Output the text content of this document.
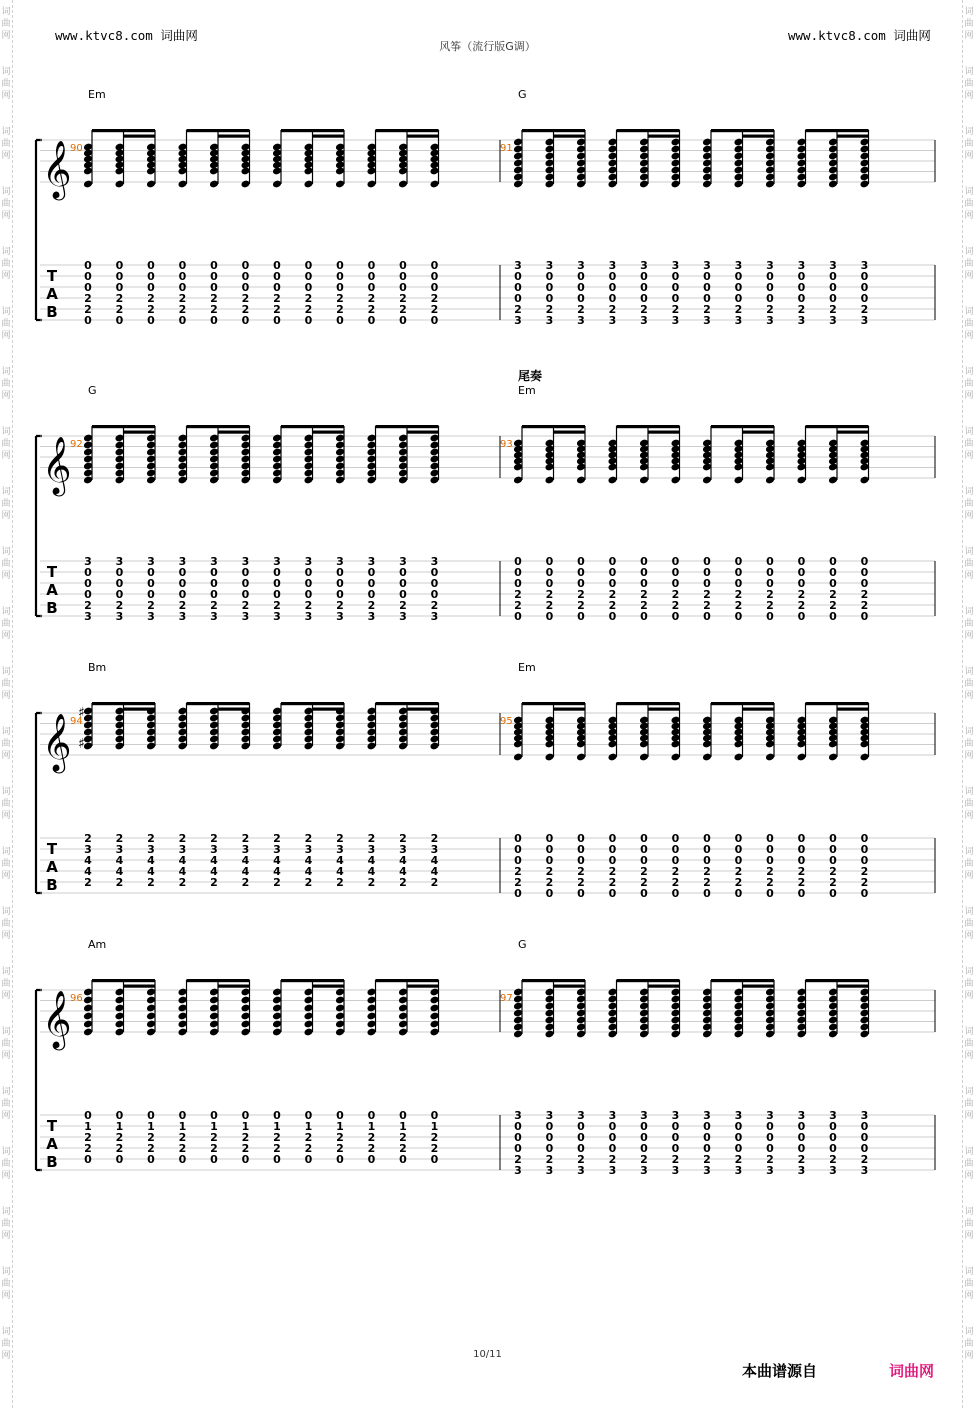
词
曲
网
词
曲
网
词
曲
网
词
曲
网
词
曲
网
词
曲
网
词
曲
网
词
曲
网
词
曲
网
词
曲
网
词
曲
网
词
曲
网
词
曲
网
词
曲
网
词
曲
网
词
曲
网
词
曲
网
词
曲
网
词
曲
网
词
曲
网
词
曲
网
词
曲
网
词
曲
网
词
曲
网
词
曲
网
词
曲
网
词
曲
网
词
曲
网
词
曲
网
词
曲
网
词
曲
网
词
曲
网
词
曲
网
词
曲
网
词
曲
网
词
曲
网
词
曲
网
词
曲
网
词
曲
网
词
曲
网
词
曲
网
词
曲
网
词
曲
网
词
曲
网
词
曲
网
词
曲
网
www.ktvc8.com 词曲网	www.ktvc8.com 词曲网
风筝（流行版G调）
𝄞
T
A
B
Em
90
0
0
0
2
2
0
0
0
0
2
2
0
0
0
0
2
2
0
0
0
0
2
2
0
0
0
0
2
2
0
0
0
0
2
2
0
0
0
0
2
2
0
0
0
0
2
2
0
0
0
0
2
2
0
0
0
0
2
2
0
0
0
0
2
2
0
0
0
0
2
2
0
G
91
3
0
0
0
2
3
3
0
0
0
2
3
3
0
0
0
2
3
3
0
0
0
2
3
3
0
0
0
2
3
3
0
0
0
2
3
3
0
0
0
2
3
3
0
0
0
2
3
3
0
0
0
2
3
3
0
0
0
2
3
3
0
0
0
2
3
3
0
0
0
2
3
𝄞
T
A
B
G
92
3
0
0
0
2
3
3
0
0
0
2
3
3
0
0
0
2
3
3
0
0
0
2
3
3
0
0
0
2
3
3
0
0
0
2
3
3
0
0
0
2
3
3
0
0
0
2
3
3
0
0
0
2
3
3
0
0
0
2
3
3
0
0
0
2
3
3
0
0
0
2
3
Em
尾奏
93
0
0
0
2
2
0
0
0
0
2
2
0
0
0
0
2
2
0
0
0
0
2
2
0
0
0
0
2
2
0
0
0
0
2
2
0
0
0
0
2
2
0
0
0
0
2
2
0
0
0
0
2
2
0
0
0
0
2
2
0
0
0
0
2
2
0
0
0
0
2
2
0
𝄞
T
A
B
Bm
94
2
3
4
4
2
2
3
4
4
2
2
3
4
4
2
2
3
4
4
2
2
3
4
4
2
2
3
4
4
2
2
3
4
4
2
2
3
4
4
2
2
3
4
4
2
2
3
4
4
2
2
3
4
4
2
2
3
4
4
2
♯
♯
Em
95
0
0
0
2
2
0
0
0
0
2
2
0
0
0
0
2
2
0
0
0
0
2
2
0
0
0
0
2
2
0
0
0
0
2
2
0
0
0
0
2
2
0
0
0
0
2
2
0
0
0
0
2
2
0
0
0
0
2
2
0
0
0
0
2
2
0
0
0
0
2
2
0
𝄞
T
A
B
Am
96
0
1
2
2
0
0
1
2
2
0
0
1
2
2
0
0
1
2
2
0
0
1
2
2
0
0
1
2
2
0
0
1
2
2
0
0
1
2
2
0
0
1
2
2
0
0
1
2
2
0
0
1
2
2
0
0
1
2
2
0
G
97
3
0
0
0
2
3
3
0
0
0
2
3
3
0
0
0
2
3
3
0
0
0
2
3
3
0
0
0
2
3
3
0
0
0
2
3
3
0
0
0
2
3
3
0
0
0
2
3
3
0
0
0
2
3
3
0
0
0
2
3
3
0
0
0
2
3
3
0
0
0
2
3
10/11
本曲谱源自	词曲网
